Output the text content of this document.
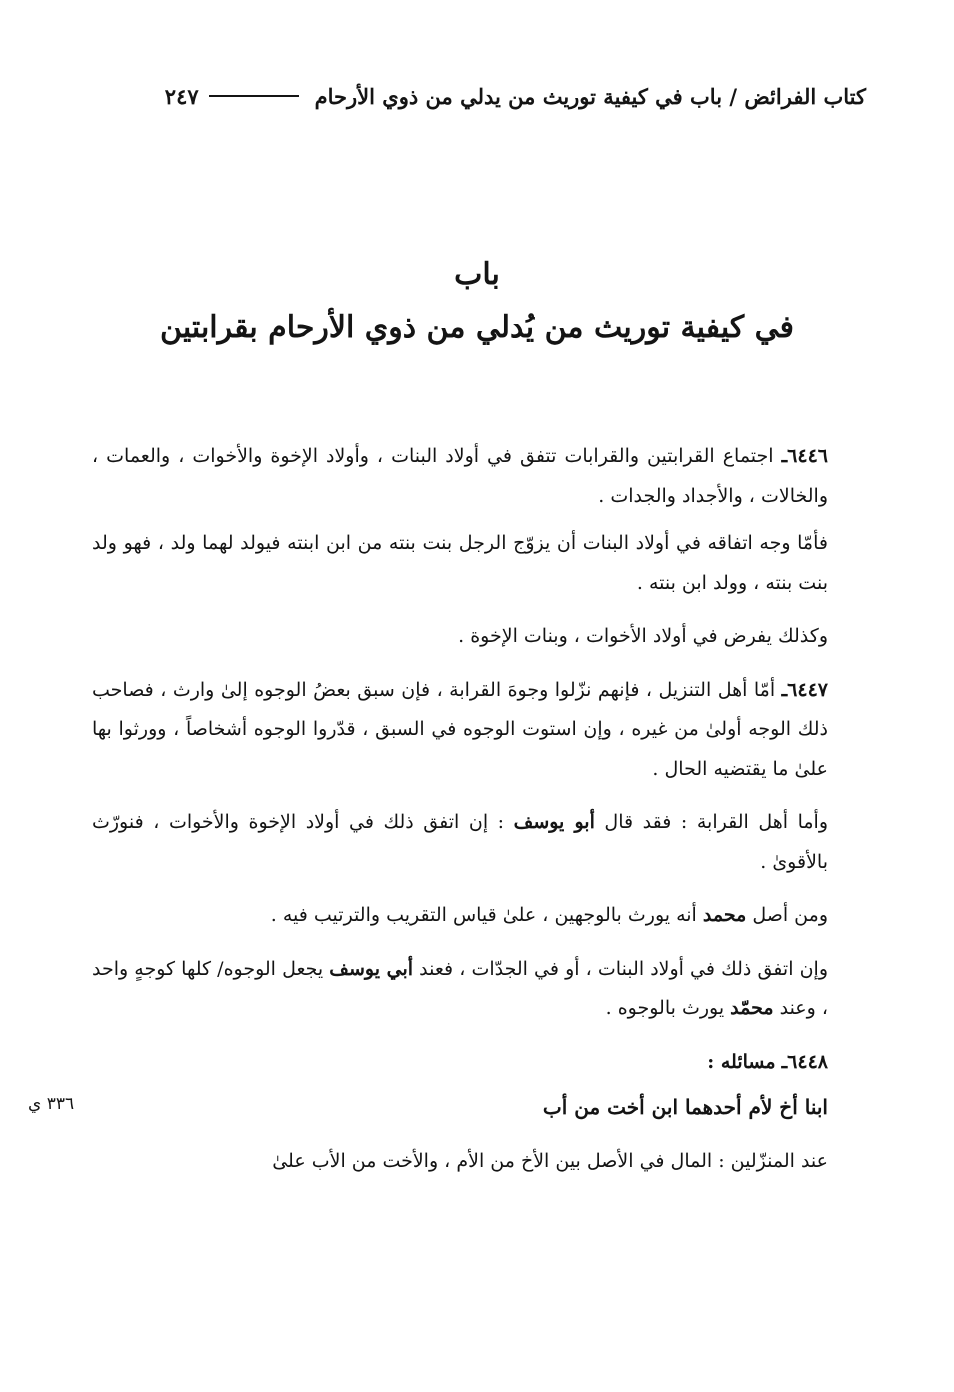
كتاب الفرائض / باب في كيفية توريث من يدلي من ذوي الأرحام
٢٤٧
باب
في كيفية توريث من يُدلي من ذوي الأرحام بقرابتين

٦٤٤٦ـ اجتماع القرابتين والقرابات تتفق في أولاد البنات ، وأولاد الإخوة والأخوات ، والعمات ، والخالات ، والأجداد والجدات .

فأمّا وجه اتفاقه في أولاد البنات أن يزوّج الرجل بنت بنته من ابن ابنته فيولد لهما ولد ، فهو ولد بنت بنته ، وولد ابن بنته .

وكذلك يفرض في أولاد الأخوات ، وبنات الإخوة .

٦٤٤٧ـ أمّا أهل التنزيل ، فإنهم نزّلوا وجوهَ القرابة ، فإن سبق بعضُ الوجوه إلىٰ وارث ، فصاحب ذلك الوجه أولىٰ من غيره ، وإن استوت الوجوه في السبق ، قدّروا الوجوه أشخاصاً ، وورثوا بها علىٰ ما يقتضيه الحال .

وأما أهل القرابة : فقد قال أبو يوسف : إن اتفق ذلك في أولاد الإخوة والأخوات ، فنورّث بالأقوىٰ .

ومن أصل محمد أنه يورث بالوجهين ، علىٰ قياس التقريب والترتيب فيه .

وإن اتفق ذلك في أولاد البنات ، أو في الجدّات ، فعند أبي يوسف يجعل الوجوه/ كلها كوجهٍ واحد ، وعند محمّد يورث بالوجوه .

٦٤٤٨ـ مسائله :

ابنا أخ لأم أحدهما ابن أخت من أب

عند المنزّلين : المال في الأصل بين الأخ من الأم ، والأخت من الأب علىٰ

٣٣٦ ي
